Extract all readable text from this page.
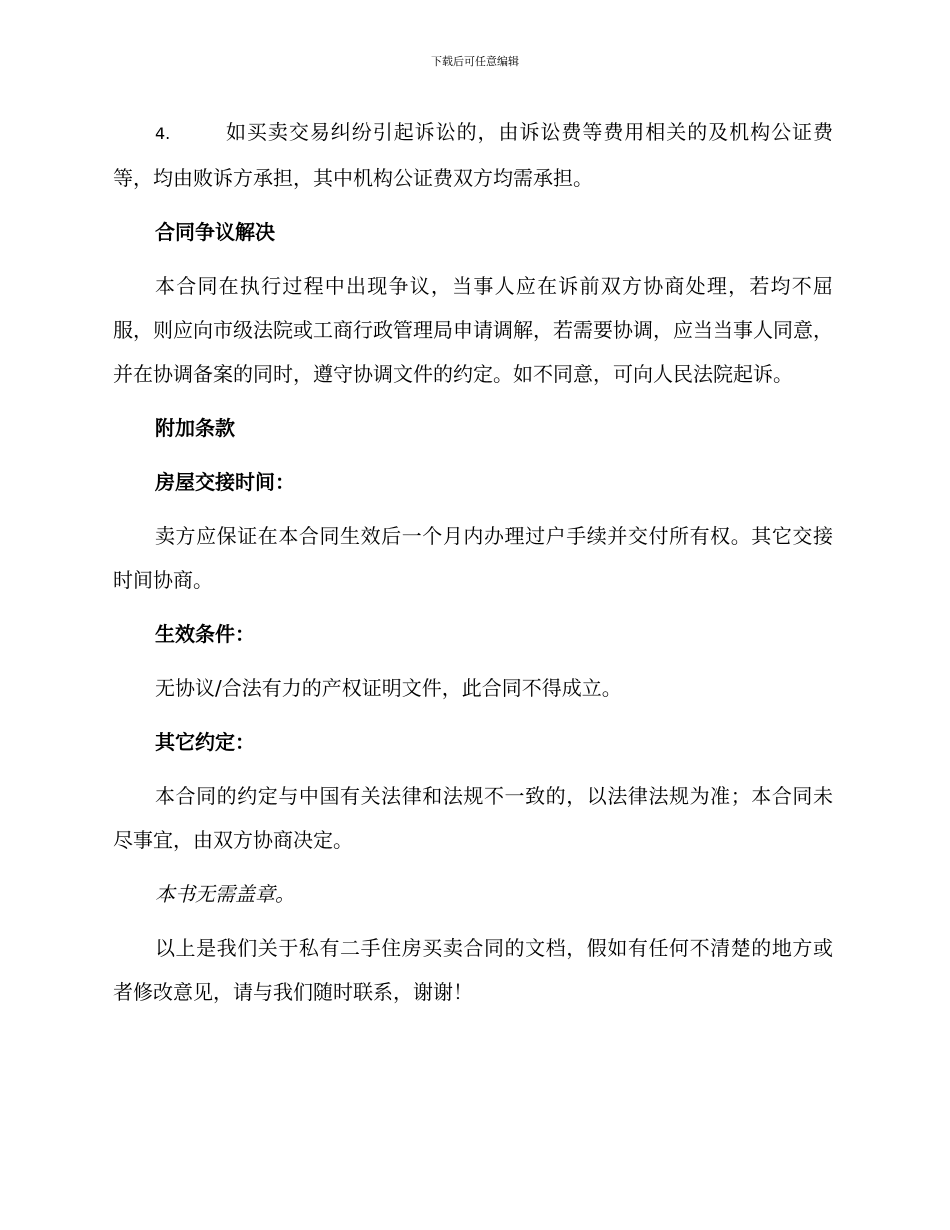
下载后可任意编辑

4.	如买卖交易纠纷引起诉讼的，由诉讼费等费用相关的及机构公证费等，均由败诉方承担，其中机构公证费双方均需承担。

合同争议解决

本合同在执行过程中出现争议，当事人应在诉前双方协商处理，若均不屈服，则应向市级法院或工商行政管理局申请调解，若需要协调，应当当事人同意，并在协调备案的同时，遵守协调文件的约定。如不同意，可向人民法院起诉。

附加条款
房屋交接时间：

卖方应保证在本合同生效后一个月内办理过户手续并交付所有权。其它交接时间协商。

生效条件：

无协议/合法有力的产权证明文件，此合同不得成立。

其它约定：

本合同的约定与中国有关法律和法规不一致的，以法律法规为准；本合同未尽事宜，由双方协商决定。

本书无需盖章。

以上是我们关于私有二手住房买卖合同的文档，假如有任何不清楚的地方或者修改意见，请与我们随时联系，谢谢！
